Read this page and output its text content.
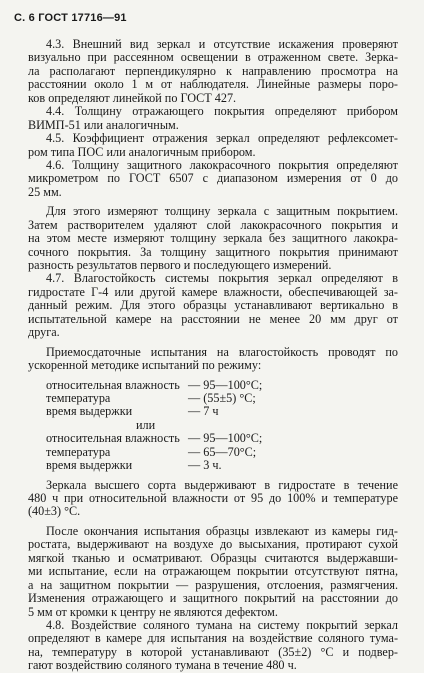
С. 6 ГОСТ 17716—91
4.3. Внешний вид зеркал и отсутствие искажения проверяют
визуально при рассеянном освещении в отраженном свете. Зерка-
ла располагают перпендикулярно к направлению просмотра на
расстоянии около 1 м от наблюдателя. Линейные размеры поро-
ков определяют линейкой по ГОСТ 427.
4.4. Толщину отражающего покрытия определяют прибором
ВИМП-51 или аналогичным.
4.5. Коэффициент отражения зеркал определяют рефлексомет-
ром типа ПОС или аналогичным прибором.
4.6. Толщину защитного лакокрасочного покрытия определяют
микрометром по ГОСТ 6507 с диапазоном измерения от 0 до
25 мм.
Для этого измеряют толщину зеркала с защитным покрытием.
Затем растворителем удаляют слой лакокрасочного покрытия и
на этом месте измеряют толщину зеркала без защитного лакокра-
сочного покрытия. За толщину защитного покрытия принимают
разность результатов первого и последующего измерений.
4.7. Влагостойкость системы покрытия зеркал определяют в
гидростате Г-4 или другой камере влажности, обеспечивающей за-
данный режим. Для этого образцы устанавливают вертикально в
испытательной камере на расстоянии не менее 20 мм друг от
друга.
Приемосдаточные испытания на влагостойкость проводят по
ускоренной методике испытаний по режиму:
относительная влажность — 95—100°С;
температура	— (55±5) °С;
время выдержки	— 7 ч
или
относительная влажность — 95—100°С;
температура	— 65—70°С;
время выдержки	— 3 ч.
Зеркала высшего сорта выдерживают в гидростате в течение
480 ч при относительной влажности от 95 до 100% и температуре
(40±3) °С.
После окончания испытания образцы извлекают из камеры гид-
ростата, выдерживают на воздухе до высыхания, протирают сухой
мягкой тканью и осматривают. Образцы считаются выдержавши-
ми испытание, если на отражающем покрытии отсутствуют пятна,
а на защитном покрытии — разрушения, отслоения, размягчения.
Изменения отражающего и защитного покрытий на расстоянии до
5 мм от кромки к центру не являются дефектом.
4.8. Воздействие соляного тумана на систему покрытий зеркал
определяют в камере для испытания на воздействие соляного тума-
на, температуру в которой устанавливают (35±2) °С и подвер-
гают воздействию соляного тумана в течение 480 ч.
